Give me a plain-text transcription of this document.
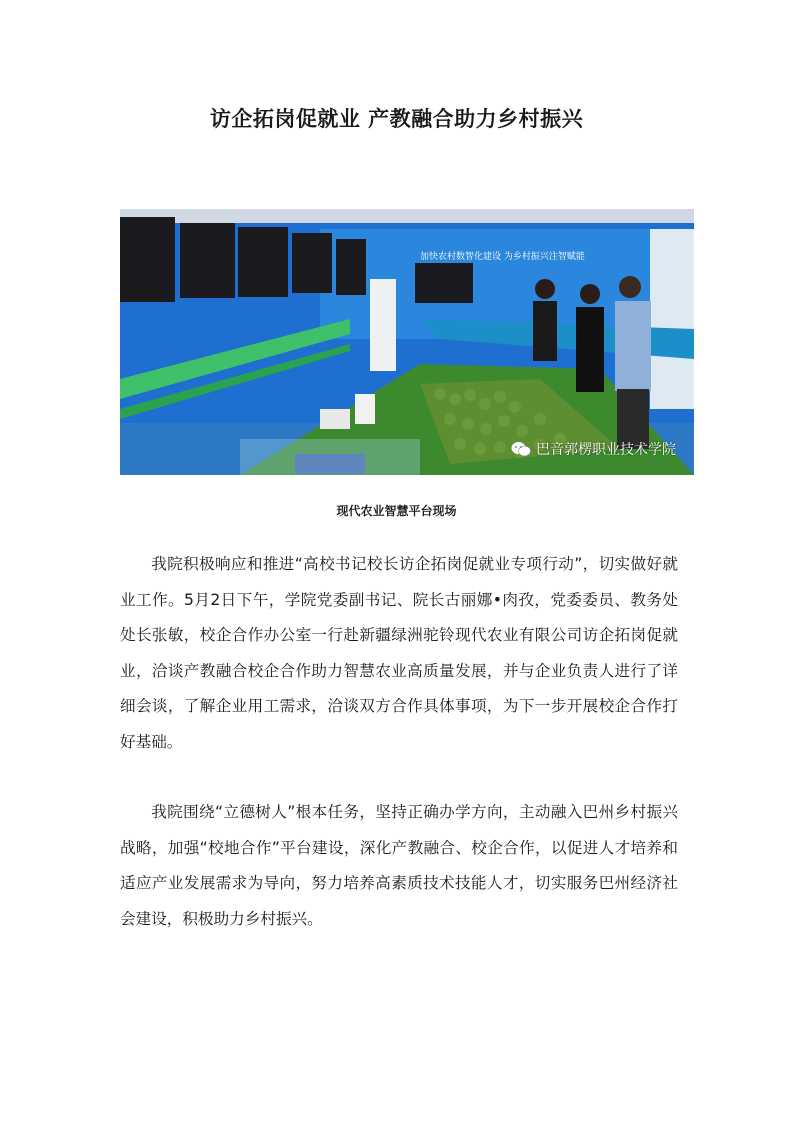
访企拓岗促就业 产教融合助力乡村振兴
加快农村数智化建设 为乡村振兴注智赋能
巴音郭楞职业技术学院

现代农业智慧平台现场

我院积极响应和推进“高校书记校长访企拓岗促就业专项行动”，切实做好就业工作。5月2日下午，学院党委副书记、院长古丽娜•肉孜，党委委员、教务处处长张敏，校企合作办公室一行赴新疆绿洲驼铃现代农业有限公司访企拓岗促就业，洽谈产教融合校企合作助力智慧农业高质量发展，并与企业负责人进行了详细会谈，了解企业用工需求，洽谈双方合作具体事项，为下一步开展校企合作打好基础。

我院围绕“立德树人”根本任务，坚持正确办学方向，主动融入巴州乡村振兴战略，加强“校地合作”平台建设，深化产教融合、校企合作，以促进人才培养和适应产业发展需求为导向，努力培养高素质技术技能人才，切实服务巴州经济社会建设，积极助力乡村振兴。
